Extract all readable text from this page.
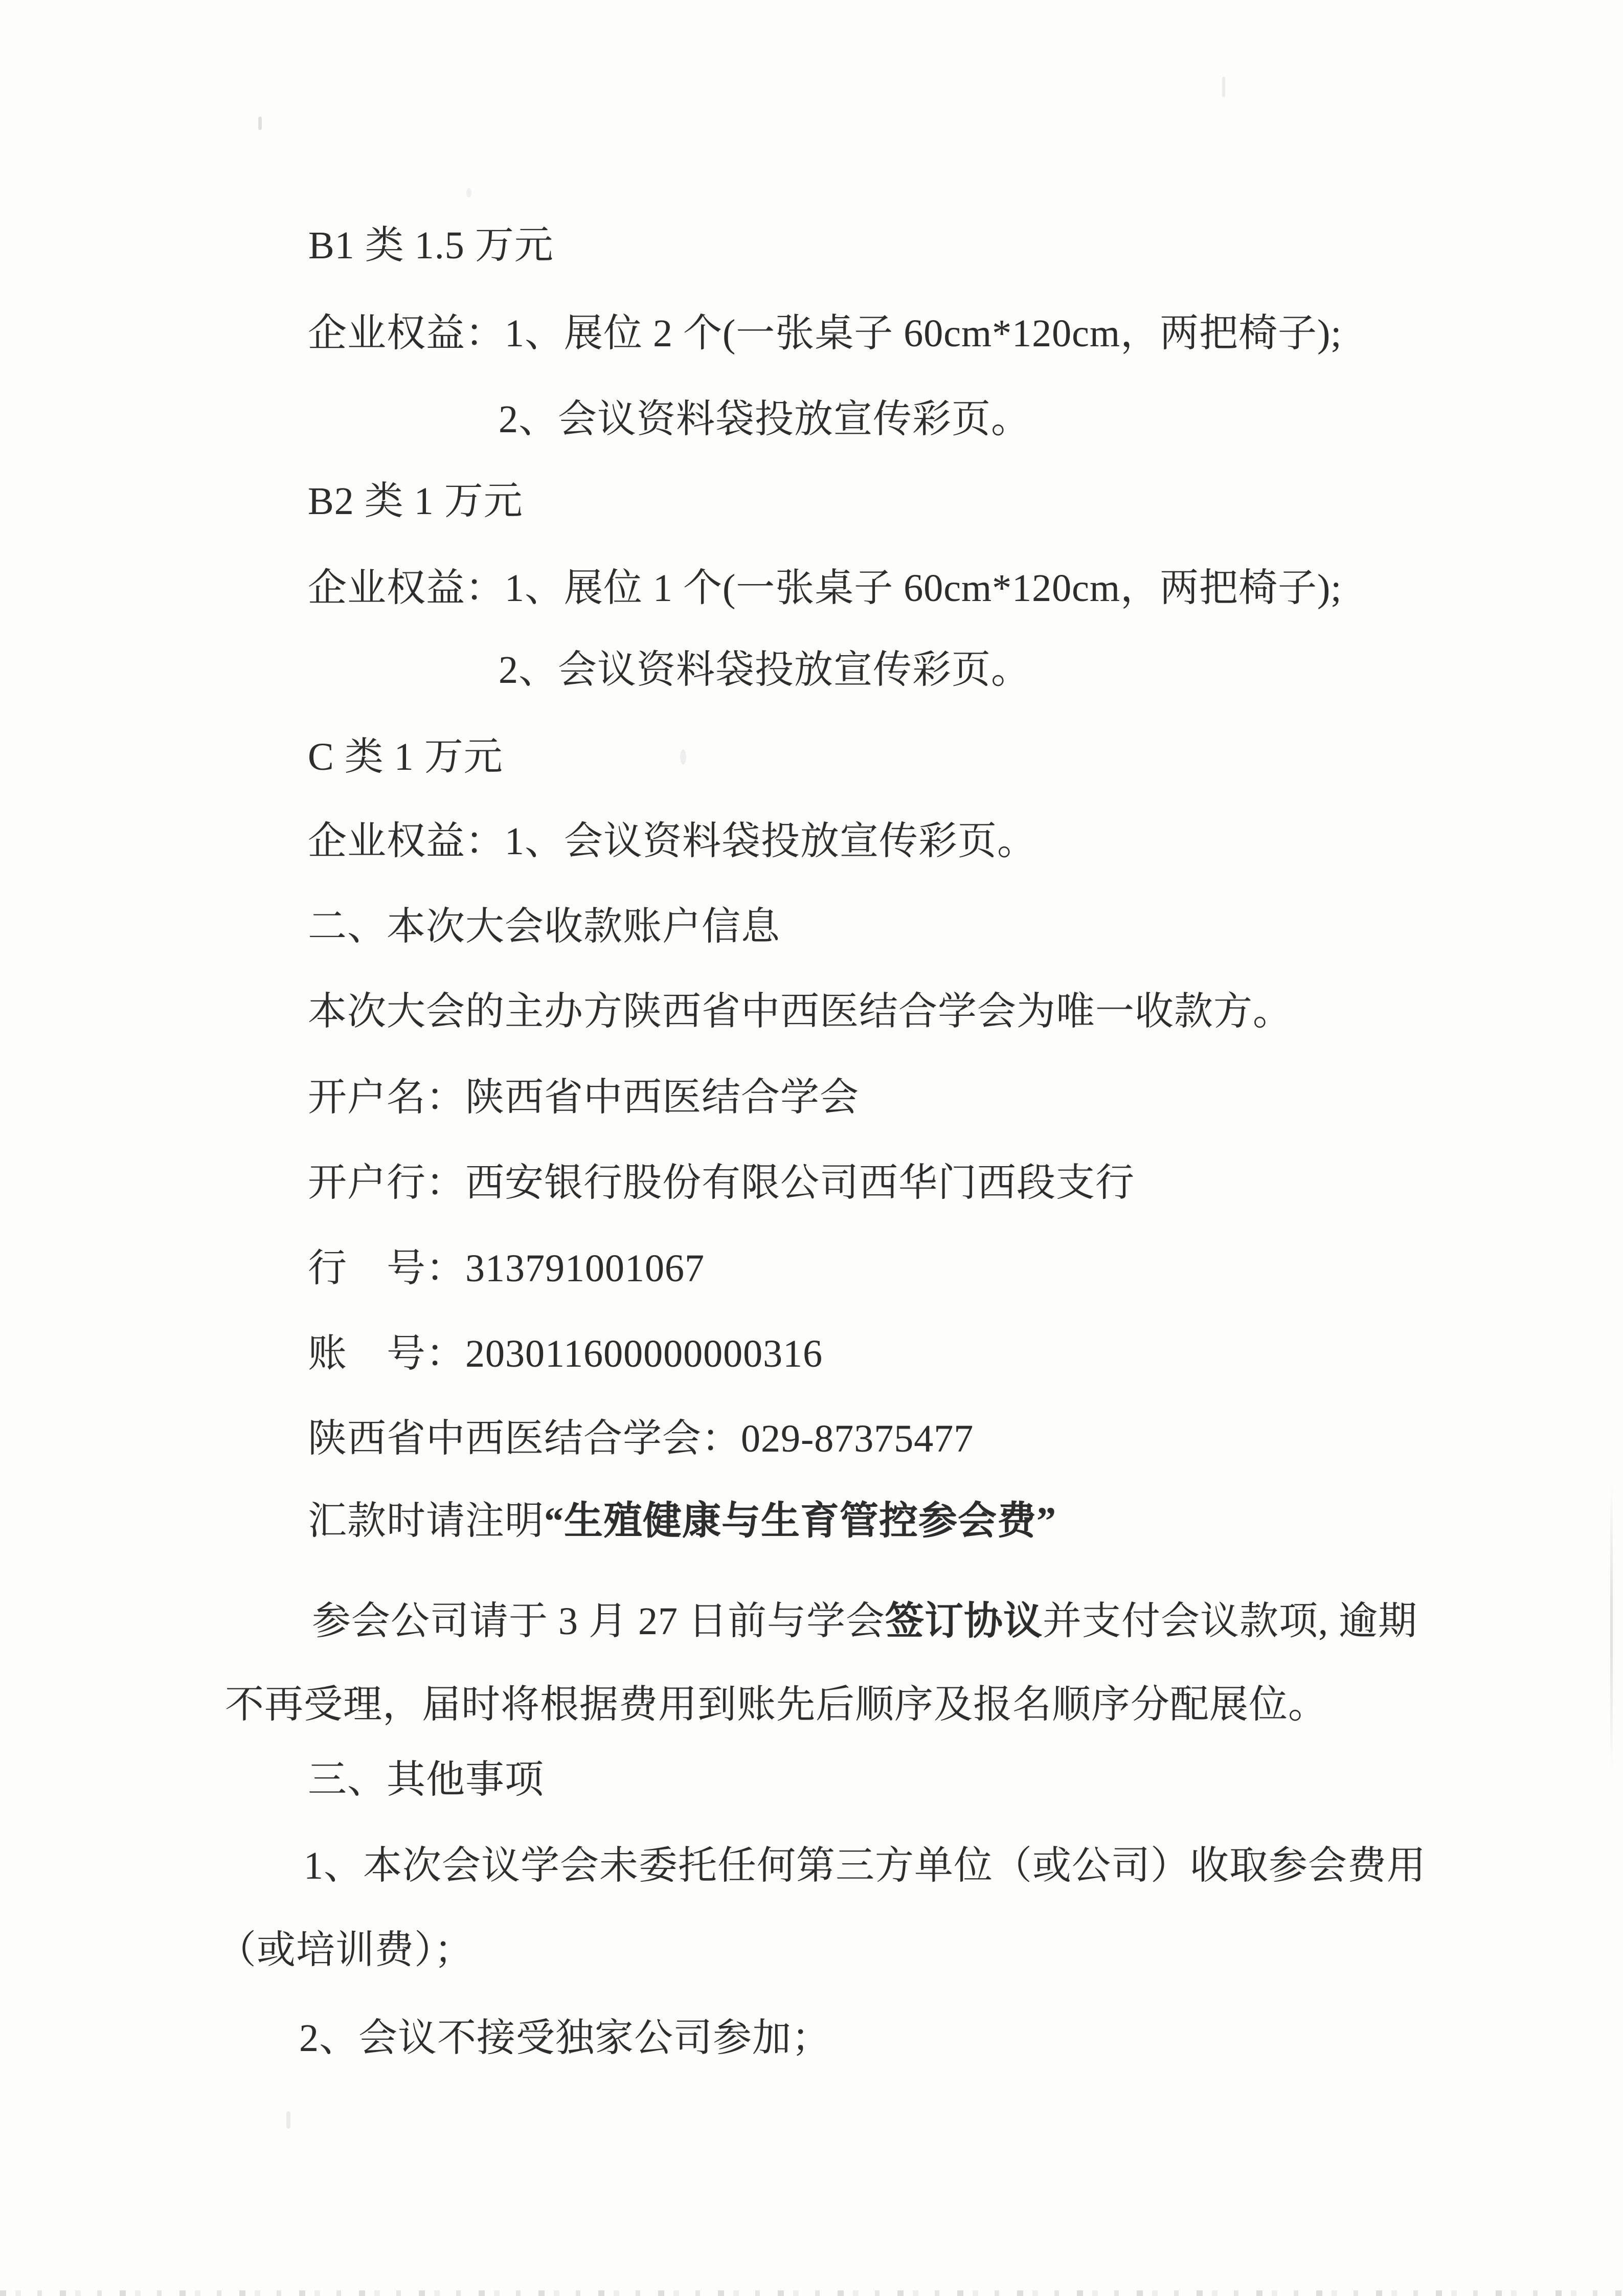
B1 类 1.5 万元
企业权益：1、展位 2 个(一张桌子 60cm*120cm，两把椅子);
2、会议资料袋投放宣传彩页。
B2 类 1 万元
企业权益：1、展位 1 个(一张桌子 60cm*120cm，两把椅子);
2、会议资料袋投放宣传彩页。
C 类 1 万元
企业权益：1、会议资料袋投放宣传彩页。
二、本次大会收款账户信息
本次大会的主办方陕西省中西医结合学会为唯一收款方。
开户名：陕西省中西医结合学会
开户行：西安银行股份有限公司西华门西段支行
行　号：313791001067
账　号：203011600000000316
陕西省中西医结合学会：029-87375477
汇款时请注明“生殖健康与生育管控参会费”
参会公司请于 3 月 27 日前与学会签订协议并支付会议款项, 逾期
不再受理，届时将根据费用到账先后顺序及报名顺序分配展位。
三、其他事项
1、本次会议学会未委托任何第三方单位（或公司）收取参会费用
（或培训费）；
2、会议不接受独家公司参加；
